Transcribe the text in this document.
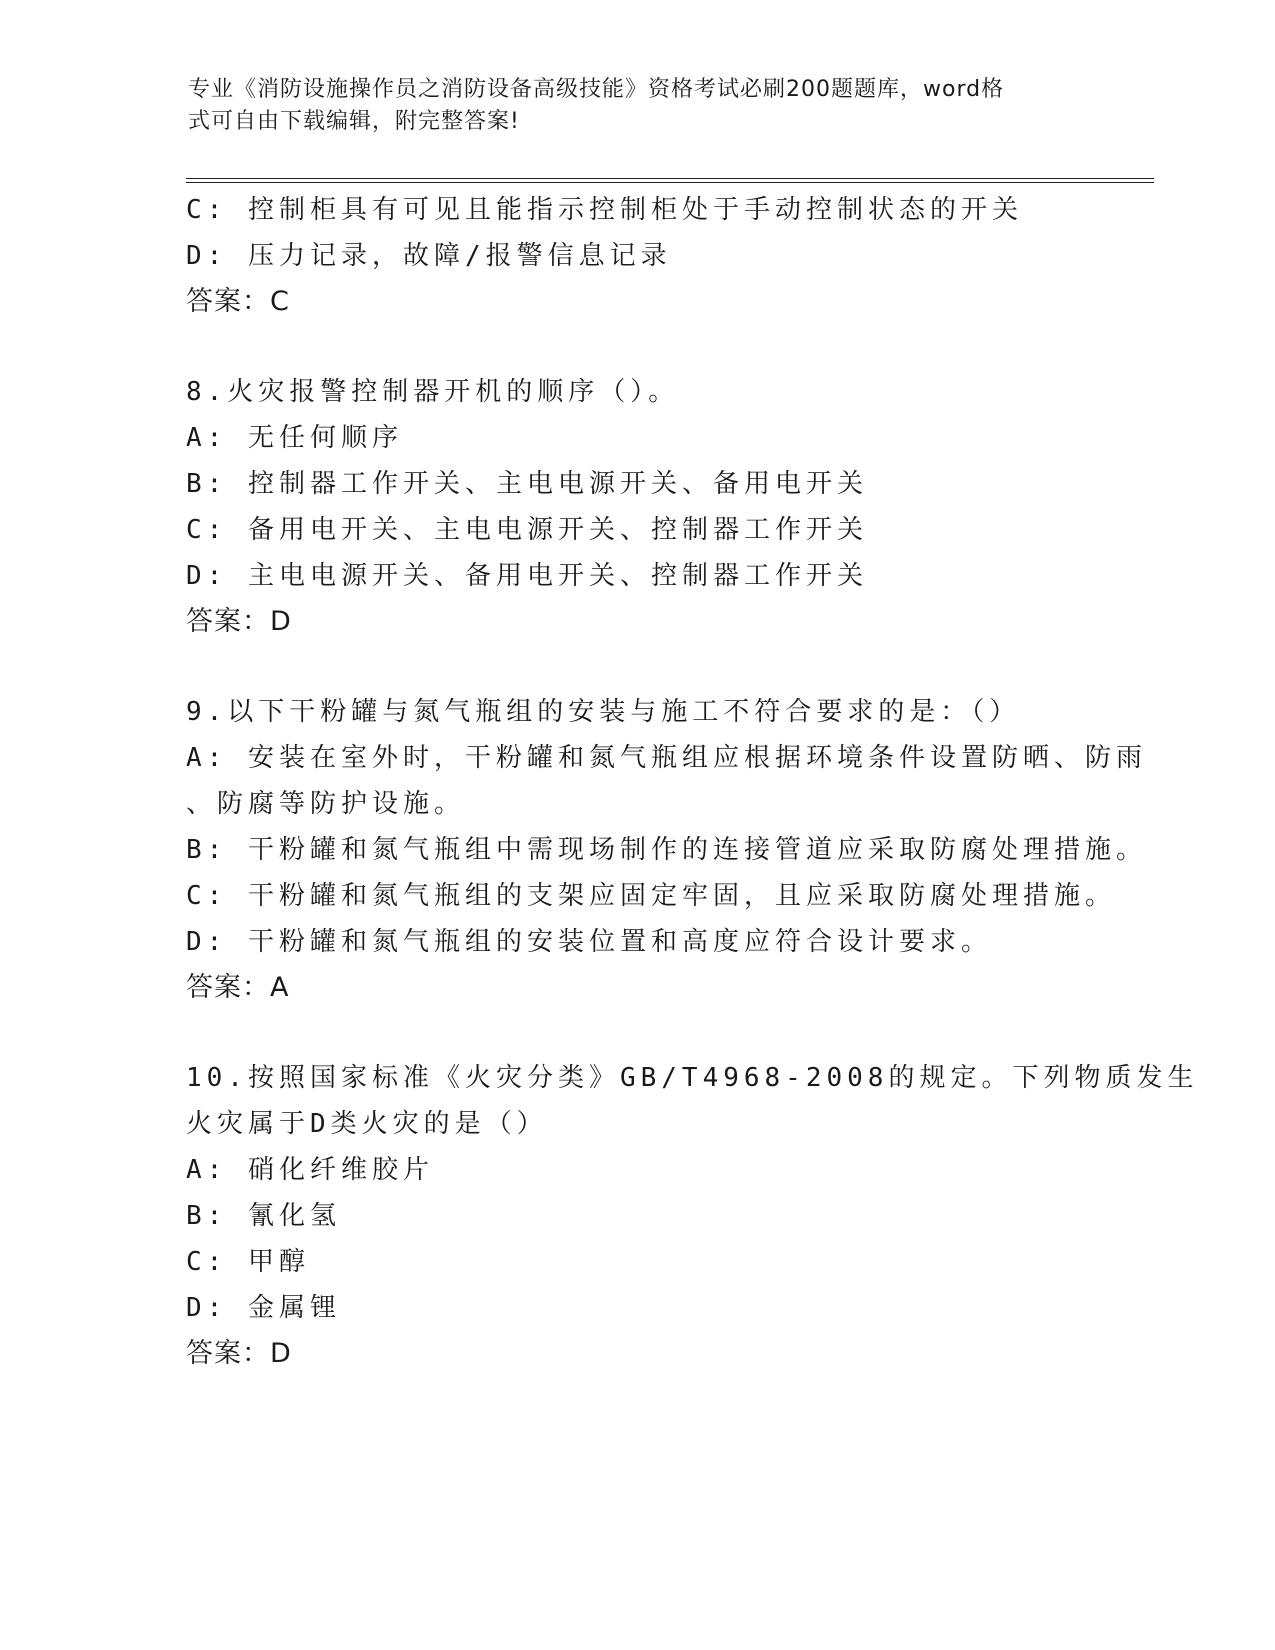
专业《消防设施操作员之消防设备高级技能》资格考试必刷200题题库，word格
式可自由下载编辑，附完整答案!
C: 控制柜具有可见且能指示控制柜处于手动控制状态的开关
D: 压力记录，故障/报警信息记录
答案：C
8.火灾报警控制器开机的顺序（）。
A: 无任何顺序
B: 控制器工作开关、主电电源开关、备用电开关
C: 备用电开关、主电电源开关、控制器工作开关
D: 主电电源开关、备用电开关、控制器工作开关
答案：D
9.以下干粉罐与氮气瓶组的安装与施工不符合要求的是：（）
A: 安装在室外时，干粉罐和氮气瓶组应根据环境条件设置防晒、防雨
、防腐等防护设施。
B: 干粉罐和氮气瓶组中需现场制作的连接管道应采取防腐处理措施。
C: 干粉罐和氮气瓶组的支架应固定牢固，且应采取防腐处理措施。
D: 干粉罐和氮气瓶组的安装位置和高度应符合设计要求。
答案：A
10.按照国家标准《火灾分类》GB/T4968-2008的规定。下列物质发生
火灾属于D类火灾的是（）
A: 硝化纤维胶片
B: 氰化氢
C: 甲醇
D: 金属锂
答案：D
